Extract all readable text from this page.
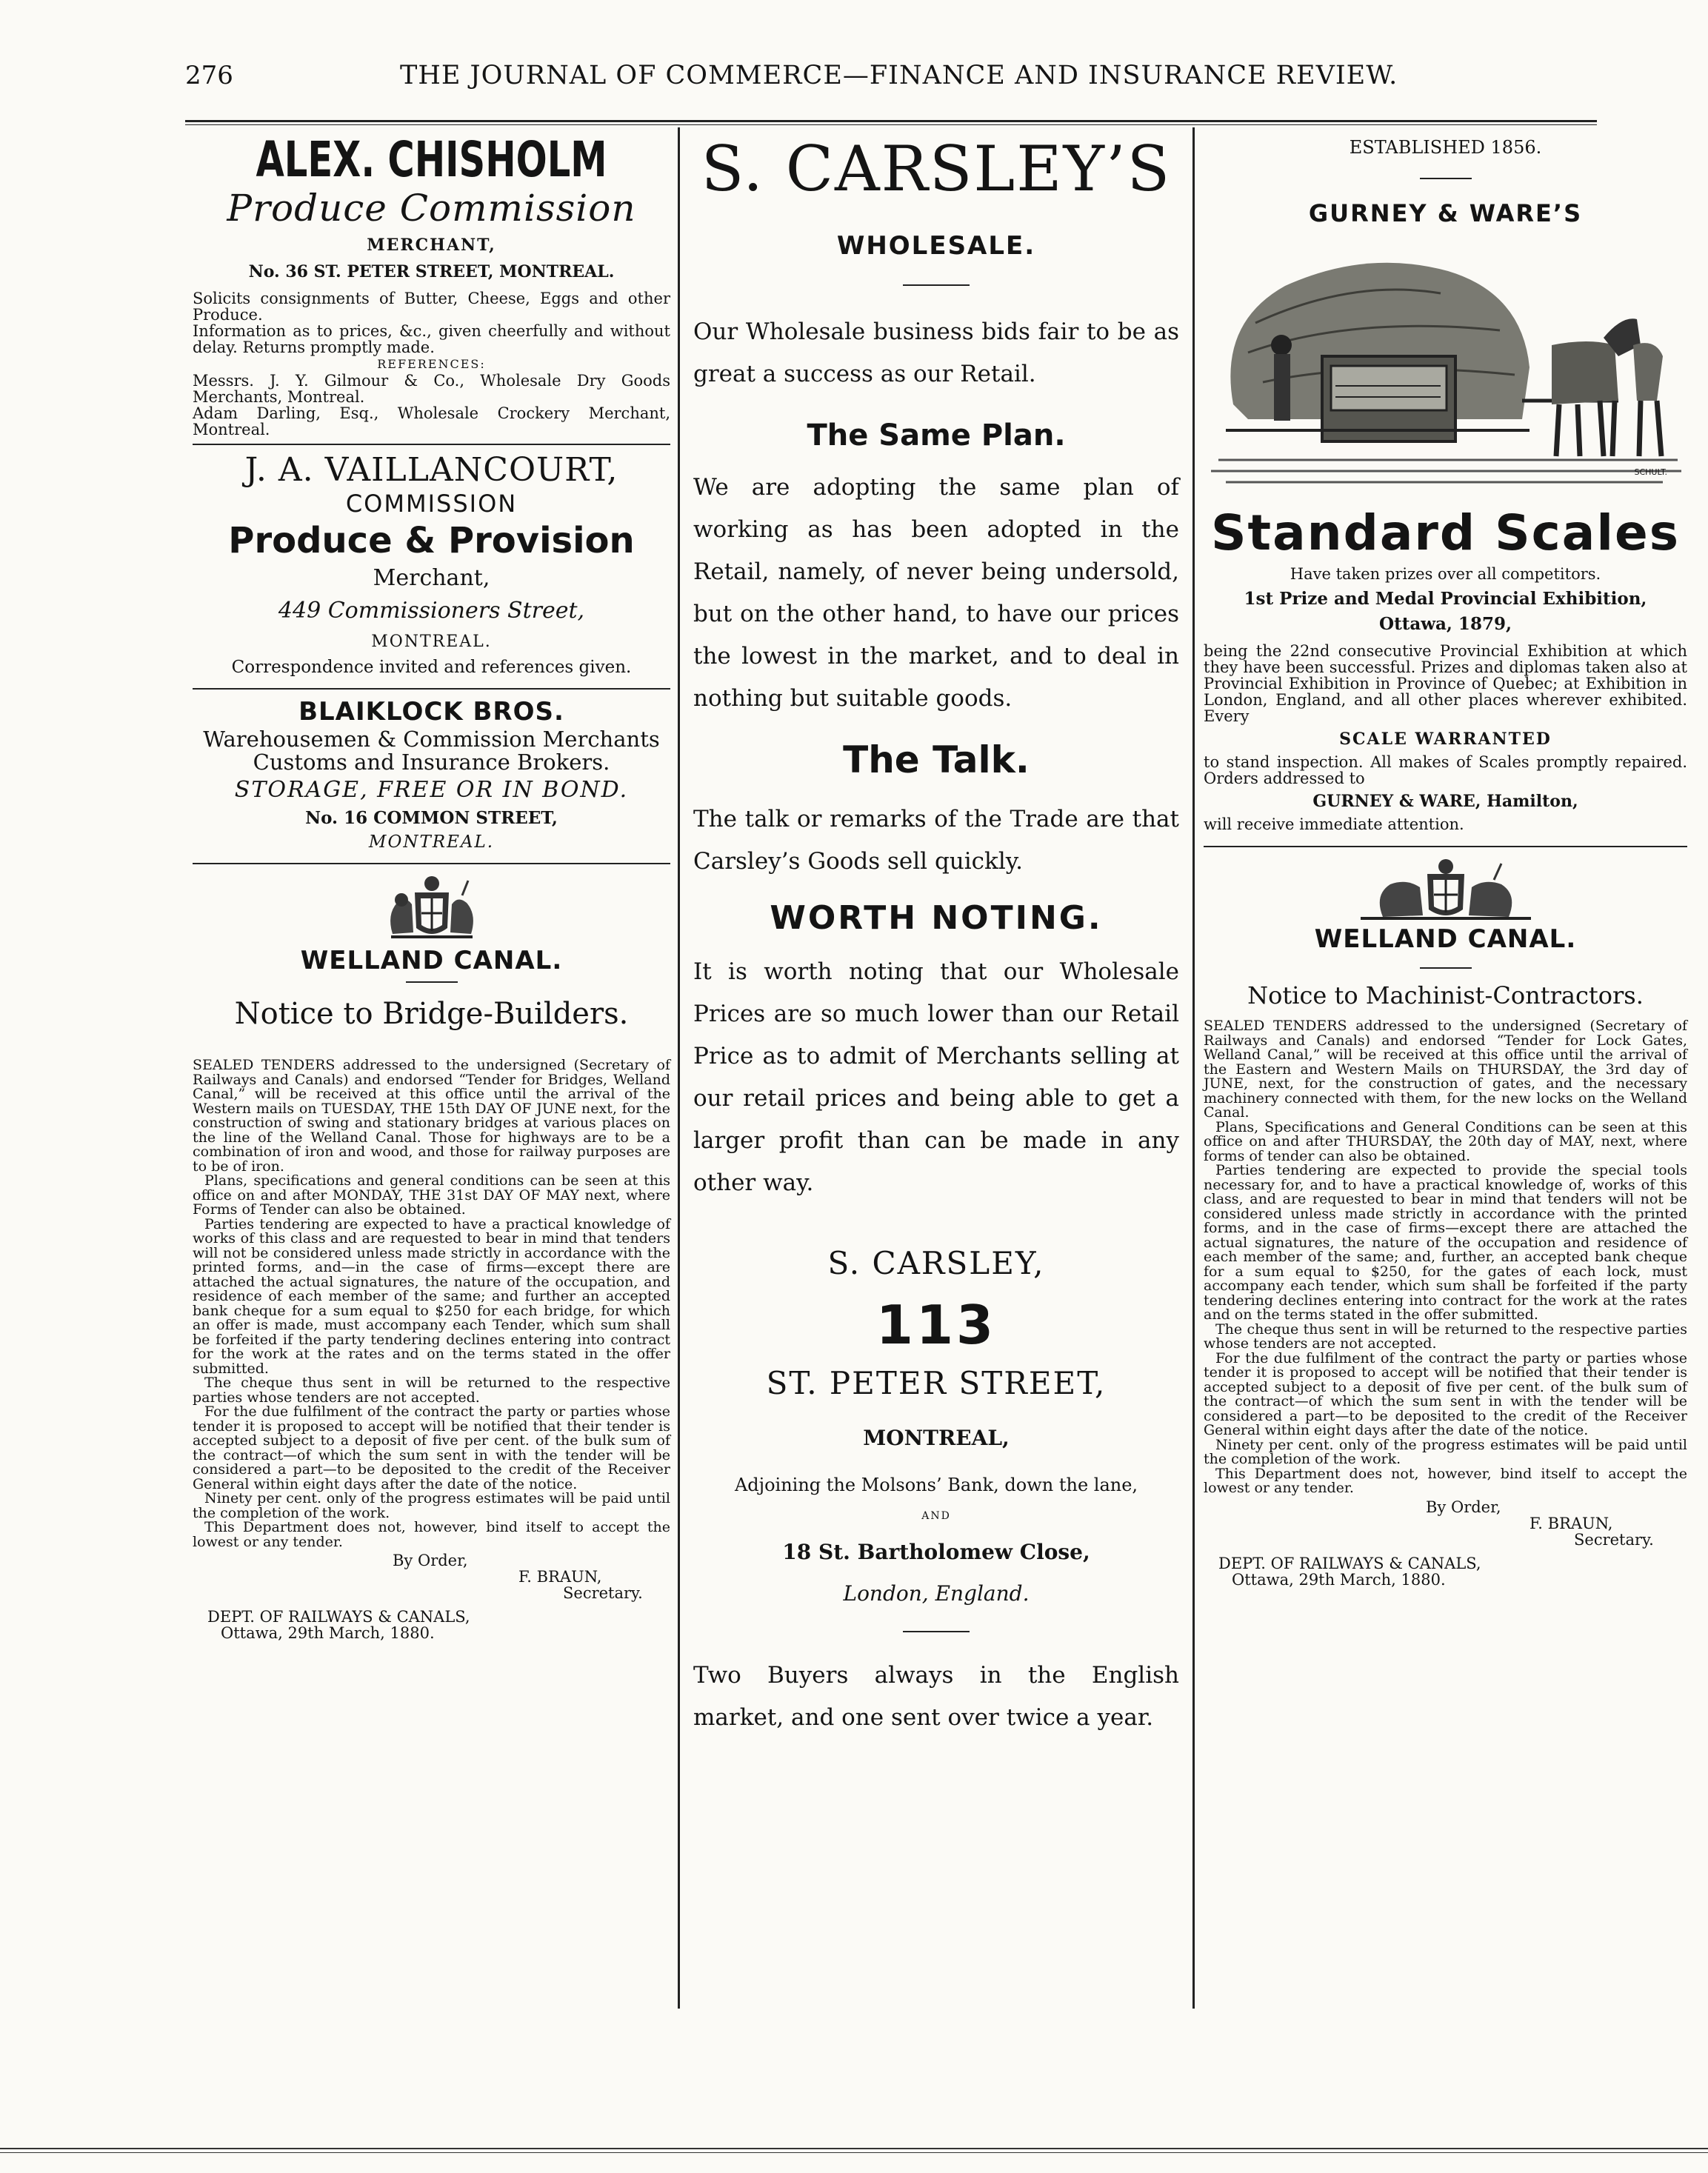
276	THE JOURNAL OF COMMERCE—FINANCE AND INSURANCE REVIEW.
ALEX. CHISHOLM
Produce Commission
MERCHANT,
No. 36 ST. PETER STREET, MONTREAL.
Solicits consignments of Butter, Cheese, Eggs and other Produce.
Information as to prices, &c., given cheerfully and without delay. Returns promptly made.
REFERENCES:
Messrs. J. Y. Gilmour & Co., Wholesale Dry Goods Merchants, Montreal.
Adam Darling, Esq., Wholesale Crockery Merchant, Montreal.
J. A. VAILLANCOURT,
COMMISSION
Produce & Provision
Merchant,
449 Commissioners Street,
MONTREAL.
Correspondence invited and references given.
BLAIKLOCK BROS.
Warehousemen & Commission Merchants
Customs and Insurance Brokers.
STORAGE, FREE OR IN BOND.
No. 16 COMMON STREET,
MONTREAL.
WELLAND CANAL.
Notice to Bridge-Builders.

SEALED TENDERS addressed to the undersigned (Secretary of Railways and Canals) and endorsed “Tender for Bridges, Welland Canal,” will be received at this office until the arrival of the Western mails on TUESDAY, THE 15th DAY OF JUNE next, for the construction of swing and stationary bridges at various places on the line of the Welland Canal. Those for highways are to be a combination of iron and wood, and those for railway purposes are to be of iron.

Plans, specifications and general conditions can be seen at this office on and after MONDAY, THE 31st DAY OF MAY next, where Forms of Tender can also be obtained.

Parties tendering are expected to have a practical knowledge of works of this class and are requested to bear in mind that tenders will not be considered unless made strictly in accordance with the printed forms, and—in the case of firms—except there are attached the actual signatures, the nature of the occupation, and residence of each member of the same; and further an accepted bank cheque for a sum equal to $250 for each bridge, for which an offer is made, must accompany each Tender, which sum shall be forfeited if the party tendering declines entering into contract for the work at the rates and on the terms stated in the offer submitted.

The cheque thus sent in will be returned to the respective parties whose tenders are not accepted.

For the due fulfilment of the contract the party or parties whose tender it is proposed to accept will be notified that their tender is accepted subject to a deposit of five per cent. of the bulk sum of the contract—of which the sum sent in with the tender will be considered a part—to be deposited to the credit of the Receiver General within eight days after the date of the notice.

Ninety per cent. only of the progress estimates will be paid until the completion of the work.

This Department does not, however, bind itself to accept the lowest or any tender.

By Order,
F. BRAUN,
Secretary.
DEPT. OF RAILWAYS & CANALS,
Ottawa, 29th March, 1880.
S. CARSLEY’S
WHOLESALE.

Our Wholesale business bids fair to be as great a success as our Retail.

The Same Plan.

We are adopting the same plan of working as has been adopted in the Retail, namely, of never being undersold, but on the other hand, to have our prices the lowest in the market, and to deal in nothing but suitable goods.

The Talk.

The talk or remarks of the Trade are that Carsley’s Goods sell quickly.

WORTH NOTING.

It is worth noting that our Wholesale Prices are so much lower than our Retail Price as to admit of Merchants selling at our retail prices and being able to get a larger profit than can be made in any other way.

S. CARSLEY,
113
ST. PETER STREET,
MONTREAL,
Adjoining the Molsons’ Bank, down the lane,
AND
18 St. Bartholomew Close,
London, England.

Two Buyers always in the English market, and one sent over twice a year.

ESTABLISHED 1856.
GURNEY & WARE’S
SCHULT.
Standard Scales
Have taken prizes over all competitors.
1st Prize and Medal Provincial Exhibition, Ottawa, 1879,
being the 22nd consecutive Provincial Exhibition at which they have been successful. Prizes and diplomas taken also at Provincial Exhibition in Province of Quebec; at Exhibition in London, England, and all other places wherever exhibited. Every
SCALE WARRANTED
to stand inspection. All makes of Scales promptly repaired. Orders addressed to
GURNEY & WARE, Hamilton,
will receive immediate attention.
WELLAND CANAL.
Notice to Machinist-Contractors.

SEALED TENDERS addressed to the undersigned (Secretary of Railways and Canals) and endorsed “Tender for Lock Gates, Welland Canal,” will be received at this office until the arrival of the Eastern and Western Mails on THURSDAY, the 3rd day of JUNE, next, for the construction of gates, and the necessary machinery connected with them, for the new locks on the Welland Canal.

Plans, Specifications and General Conditions can be seen at this office on and after THURSDAY, the 20th day of MAY, next, where forms of tender can also be obtained.

Parties tendering are expected to provide the special tools necessary for, and to have a practical knowledge of, works of this class, and are requested to bear in mind that tenders will not be considered unless made strictly in accordance with the printed forms, and in the case of firms—except there are attached the actual signatures, the nature of the occupation and residence of each member of the same; and, further, an accepted bank cheque for a sum equal to $250, for the gates of each lock, must accompany each tender, which sum shall be forfeited if the party tendering declines entering into contract for the work at the rates and on the terms stated in the offer submitted.

The cheque thus sent in will be returned to the respective parties whose tenders are not accepted.

For the due fulfilment of the contract the party or parties whose tender it is proposed to accept will be notified that their tender is accepted subject to a deposit of five per cent. of the bulk sum of the contract—of which the sum sent in with the tender will be considered a part—to be deposited to the credit of the Receiver General within eight days after the date of the notice.

Ninety per cent. only of the progress estimates will be paid until the completion of the work.

This Department does not, however, bind itself to accept the lowest or any tender.

By Order,
F. BRAUN,
Secretary.
DEPT. OF RAILWAYS & CANALS,
Ottawa, 29th March, 1880.
